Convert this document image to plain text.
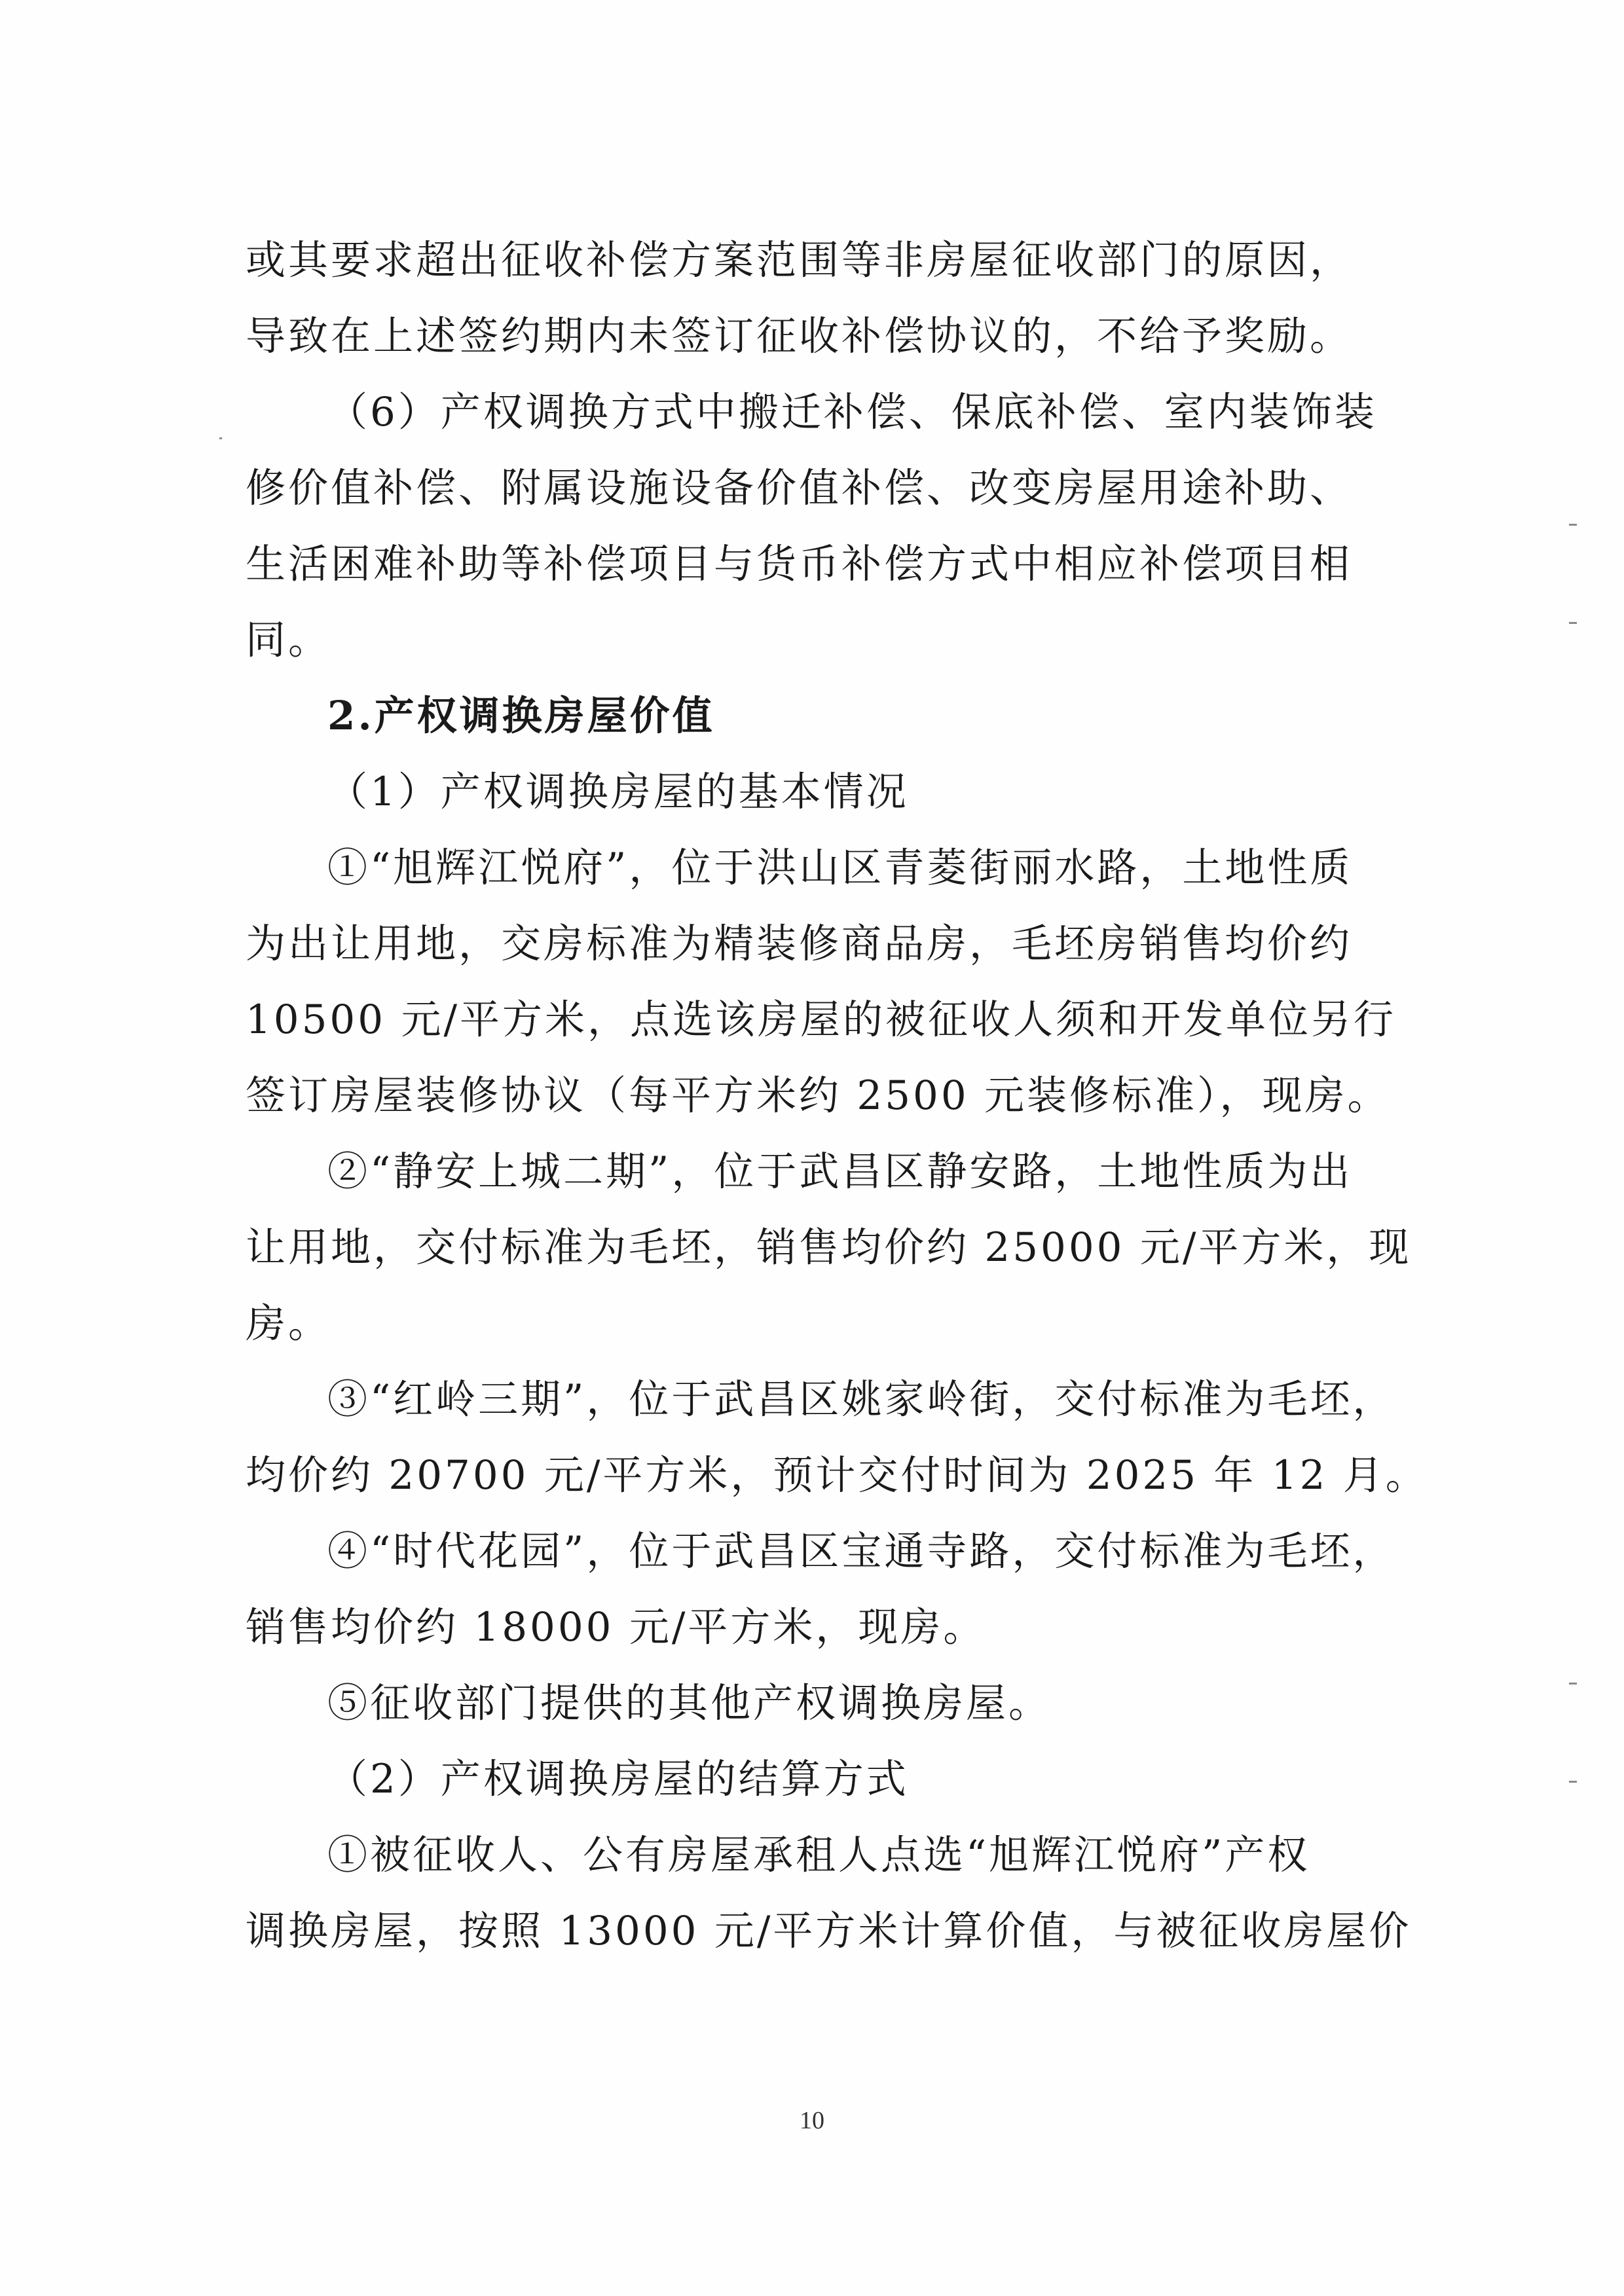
或其要求超出征收补偿方案范围等非房屋征收部门的原因，
导致在上述签约期内未签订征收补偿协议的，不给予奖励。
（6）产权调换方式中搬迁补偿、保底补偿、室内装饰装
修价值补偿、附属设施设备价值补偿、改变房屋用途补助、
生活困难补助等补偿项目与货币补偿方式中相应补偿项目相
同。
2.产权调换房屋价值
（1）产权调换房屋的基本情况
①“旭辉江悦府”，位于洪山区青菱街丽水路，土地性质
为出让用地，交房标准为精装修商品房，毛坯房销售均价约
10500 元/平方米，点选该房屋的被征收人须和开发单位另行
签订房屋装修协议（每平方米约 2500 元装修标准），现房。
②“静安上城二期”，位于武昌区静安路，土地性质为出
让用地，交付标准为毛坯，销售均价约 25000 元/平方米，现
房。
③“红岭三期”，位于武昌区姚家岭街，交付标准为毛坯，
均价约 20700 元/平方米，预计交付时间为 2025 年 12 月。
④“时代花园”，位于武昌区宝通寺路，交付标准为毛坯，
销售均价约 18000 元/平方米，现房。
⑤征收部门提供的其他产权调换房屋。
（2）产权调换房屋的结算方式
①被征收人、公有房屋承租人点选“旭辉江悦府”产权
调换房屋，按照 13000 元/平方米计算价值，与被征收房屋价
10
